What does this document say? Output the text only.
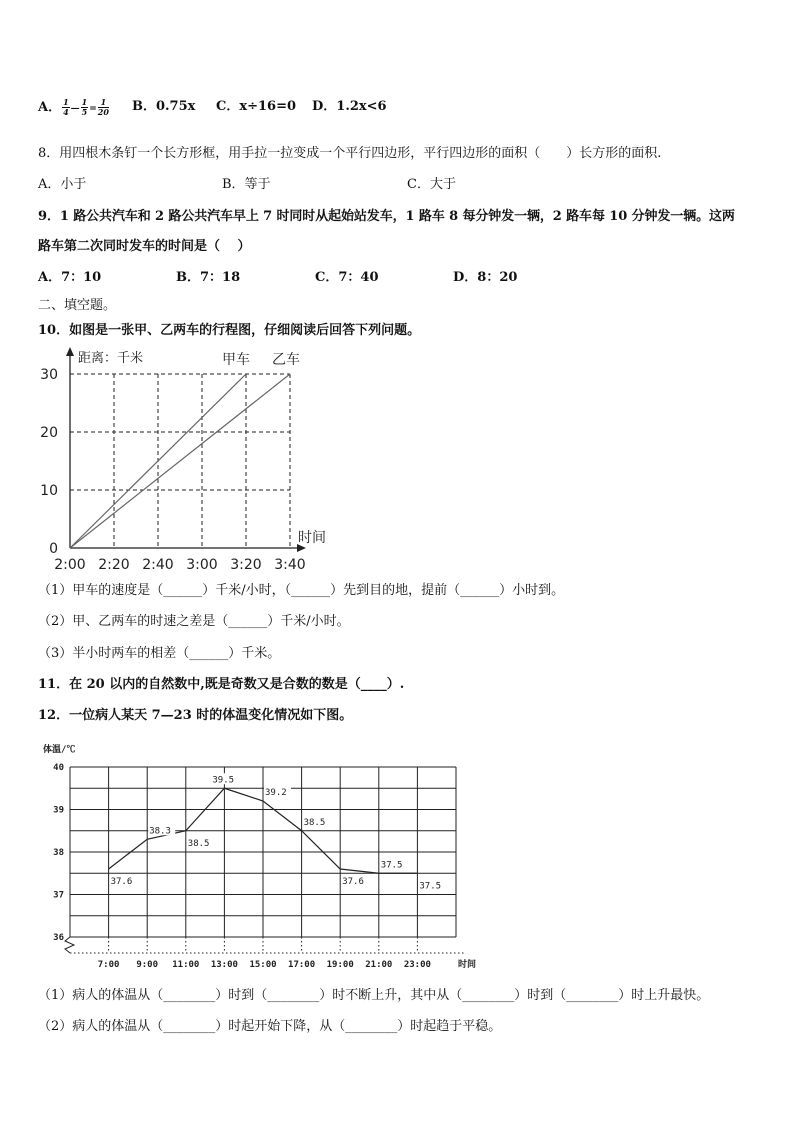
A． $\frac{1}{4}$ — $\frac{1}{5} = \frac{1}{20}$ B．0.75x C．x÷16=0 D．1.2x<6
8．用四根木条钉一个长方形框，用手拉一拉变成一个平行四边形，平行四边形的面积（　　）长方形的面积.
A．小于	B．等于	C．大于
9．1 路公共汽车和 2 路公共汽车早上 7 时同时从起始站发车，1 路车 8 每分钟发一辆，2 路车每 10 分钟发一辆。这两
路车第二次同时发车的时间是（　 ）
A．7：10	B．7：18	C．7：40	D．8：20
二、填空题。
10．如图是一张甲、乙两车的行程图，仔细阅读后回答下列问题。
2:00 2:20 2:40 3:00 3:20 3:40
0
10
20
30
距离：千米
时间
甲车 乙车
（1）甲车的速度是（______）千米/小时，（______）先到目的地，提前（______）小时到。
（2）甲、乙两车的时速之差是（______）千米/小时。
（3）半小时两车的相差（______）千米。
11．在 20 以内的自然数中,既是奇数又是合数的数是（____）.
12．一位病人某天 7—23 时的体温变化情况如下图。
7:00 9:00 11:00 13:00 15:00 17:00 19:00 21:00 23:00
36
37
38
39
40
体温/℃
时间
37.6
38.3
38.5
39.5
39.2
38.5
37.6
37.5
37.5
（1）病人的体温从（________）时到（________）时不断上升，其中从（________）时到（________）时上升最快。
（2）病人的体温从（________）时起开始下降，从（________）时起趋于平稳。
